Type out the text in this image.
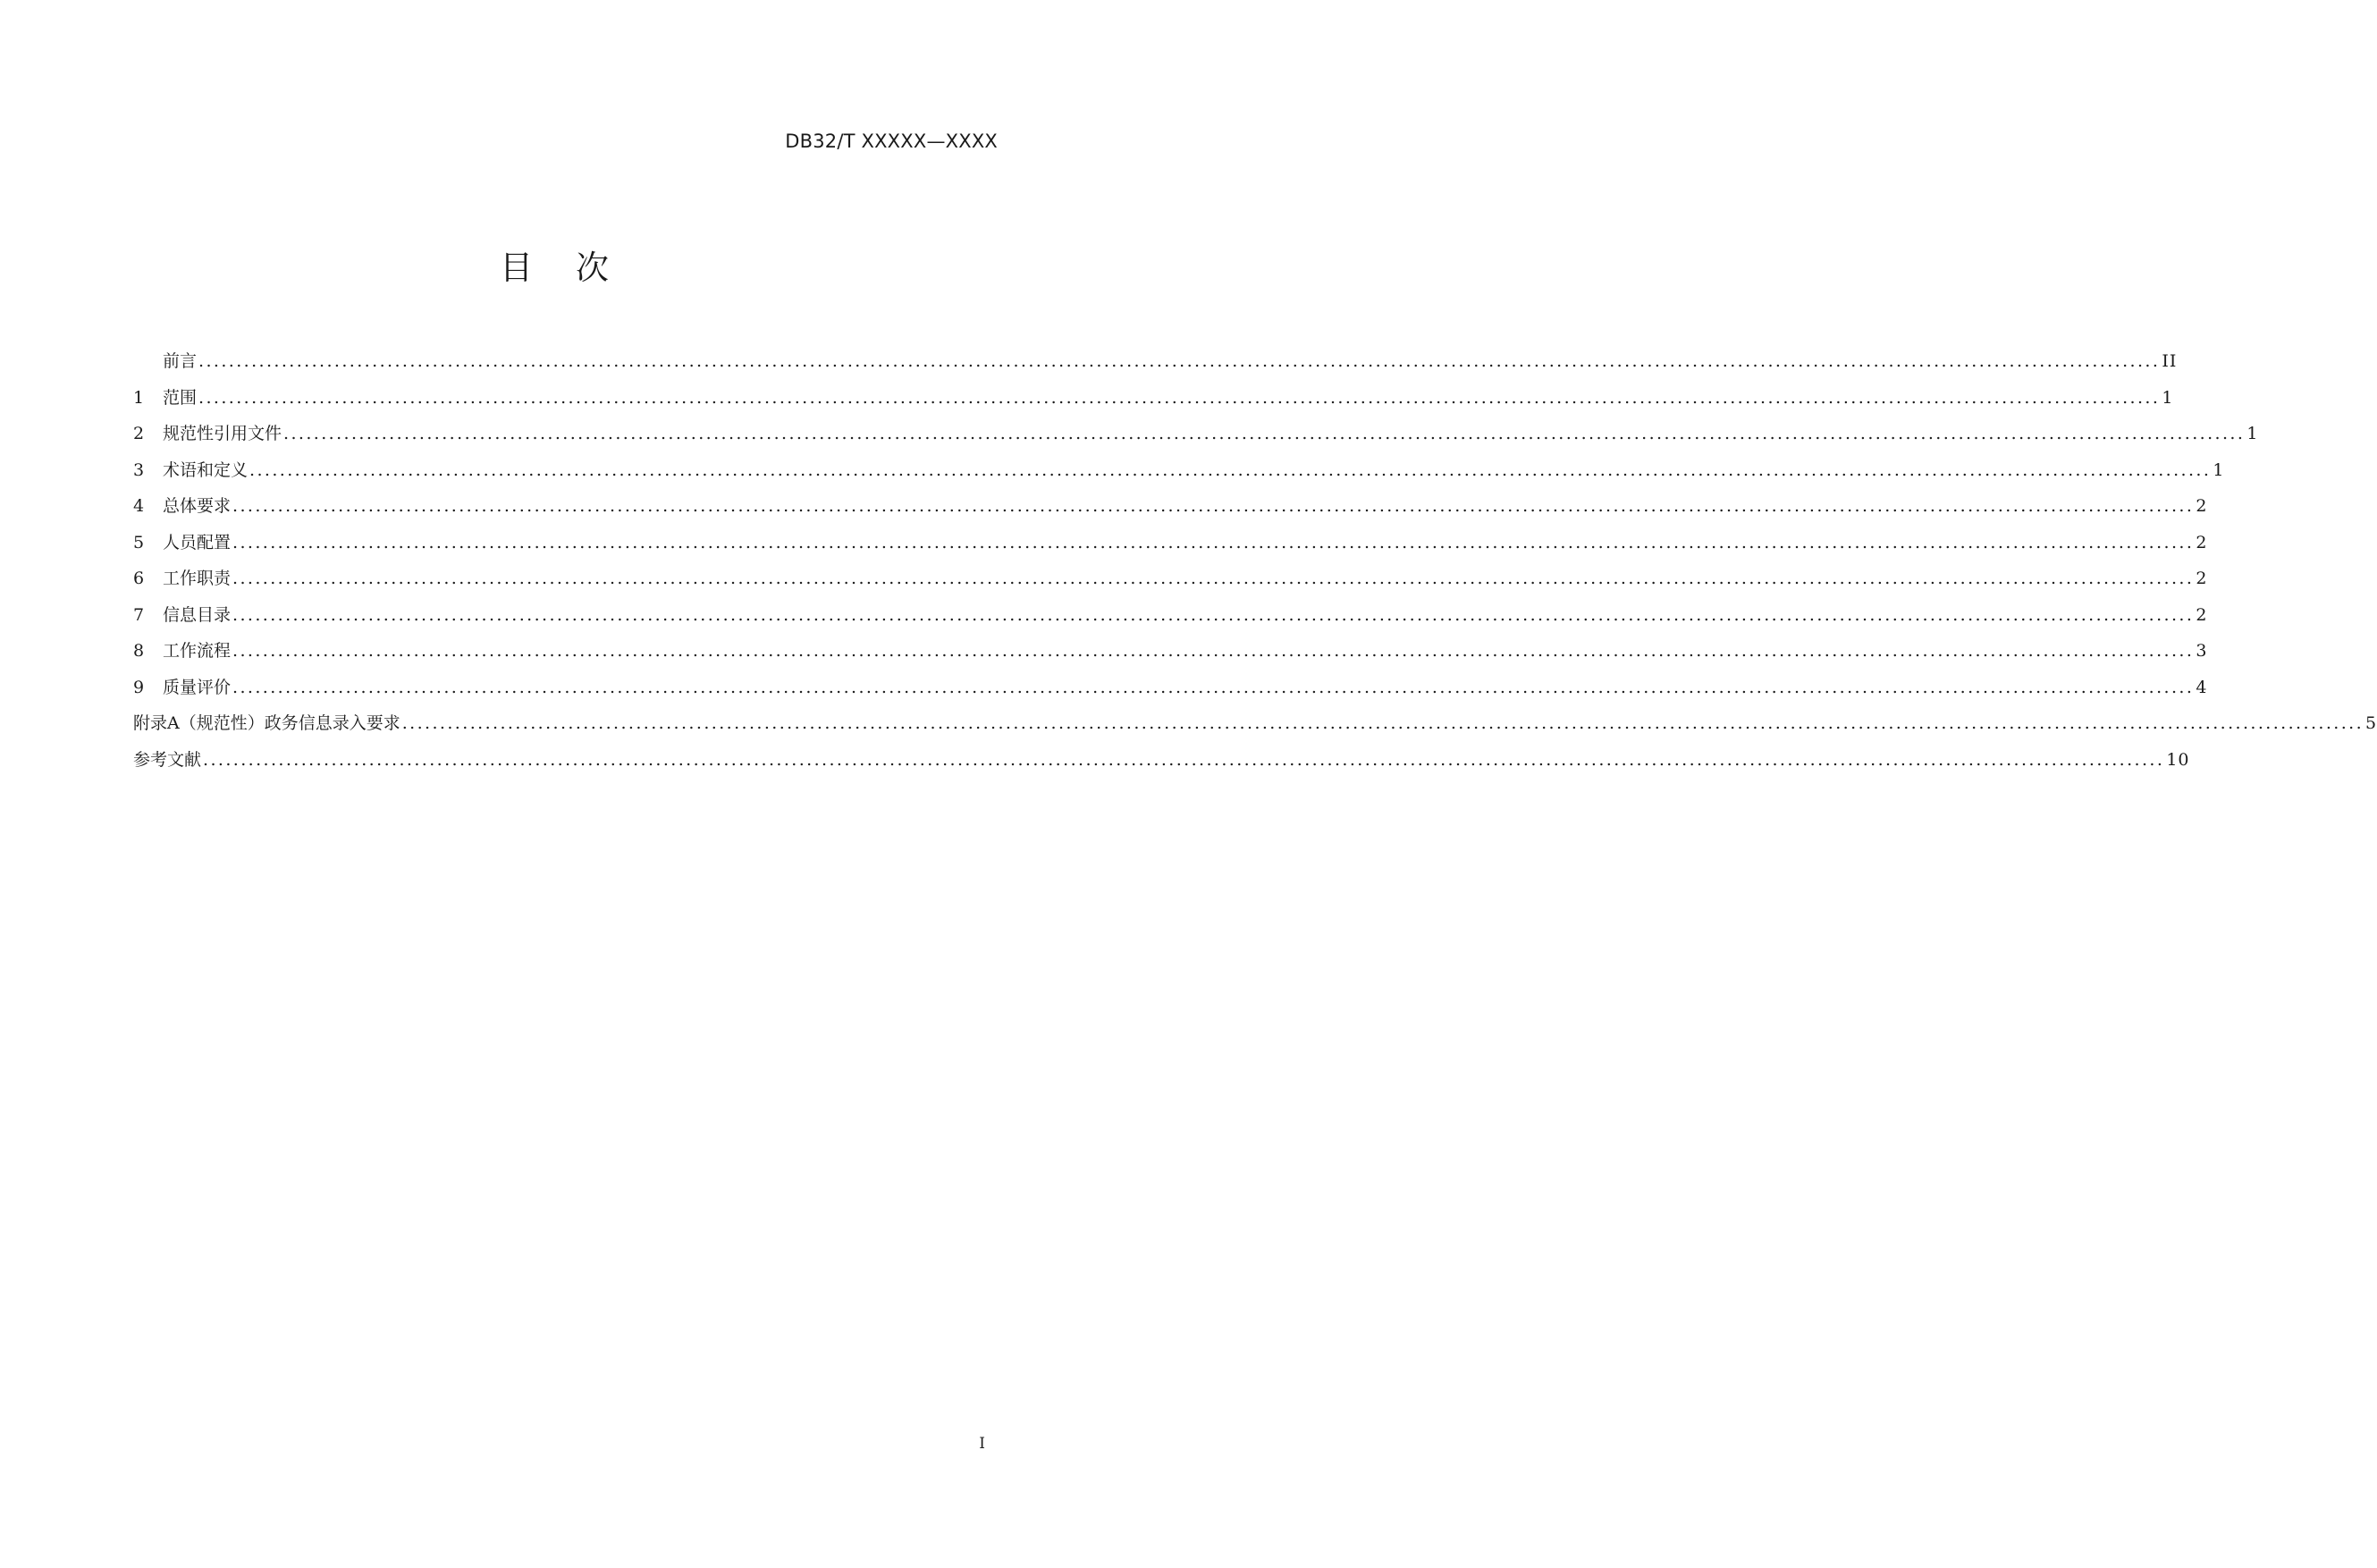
DB32/T XXXXX—XXXX
目次
前言 .................................................................................................................................................................................................................................................................... II
1	范围 .................................................................................................................................................................................................................................................................... 1
2	规范性引用文件 .................................................................................................................................................................................................................................................................... 1
3	术语和定义 .................................................................................................................................................................................................................................................................... 1
4	总体要求 .................................................................................................................................................................................................................................................................... 2
5	人员配置 .................................................................................................................................................................................................................................................................... 2
6	工作职责 .................................................................................................................................................................................................................................................................... 2
7	信息目录 .................................................................................................................................................................................................................................................................... 2
8	工作流程 .................................................................................................................................................................................................................................................................... 3
9	质量评价 .................................................................................................................................................................................................................................................................... 4
附录A（规范性）政务信息录入要求 .................................................................................................................................................................................................................................................................... 5
参考文献 .................................................................................................................................................................................................................................................................... 10
I
